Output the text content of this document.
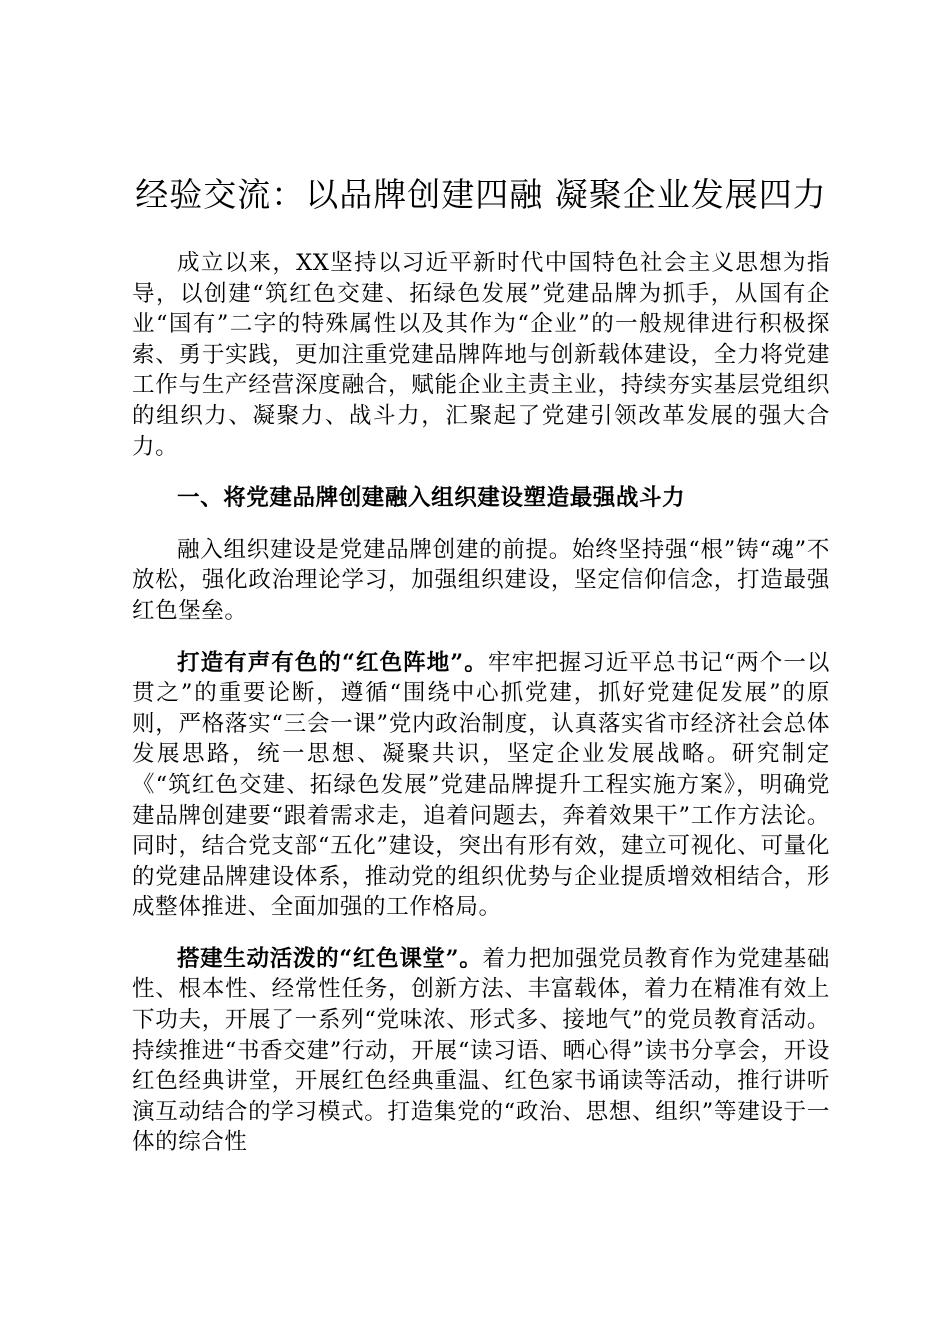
经验交流：以品牌创建四融 凝聚企业发展四力

成立以来，XX坚持以习近平新时代中国特色社会主义思想为指导，以创建“筑红色交建、拓绿色发展”党建品牌为抓手，从国有企业“国有”二字的特殊属性以及其作为“企业”的一般规律进行积极探索、勇于实践，更加注重党建品牌阵地与创新载体建设，全力将党建工作与生产经营深度融合，赋能企业主责主业，持续夯实基层党组织的组织力、凝聚力、战斗力，汇聚起了党建引领改革发展的强大合力。

一、将党建品牌创建融入组织建设塑造最强战斗力

融入组织建设是党建品牌创建的前提。始终坚持强“根”铸“魂”不放松，强化政治理论学习，加强组织建设，坚定信仰信念，打造最强红色堡垒。

打造有声有色的“红色阵地”。牢牢把握习近平总书记“两个一以贯之”的重要论断，遵循“围绕中心抓党建，抓好党建促发展”的原则，严格落实“三会一课”党内政治制度，认真落实省市经济社会总体发展思路，统一思想、凝聚共识，坚定企业发展战略。研究制定《“筑红色交建、拓绿色发展”党建品牌提升工程实施方案》，明确党建品牌创建要“跟着需求走，追着问题去，奔着效果干”工作方法论。同时，结合党支部“五化”建设，突出有形有效，建立可视化、可量化的党建品牌建设体系，推动党的组织优势与企业提质增效相结合，形成整体推进、全面加强的工作格局。

搭建生动活泼的“红色课堂”。着力把加强党员教育作为党建基础性、根本性、经常性任务，创新方法、丰富载体，着力在精准有效上下功夫，开展了一系列“党味浓、形式多、接地气”的党员教育活动。持续推进“书香交建”行动，开展“读习语、晒心得”读书分享会，开设红色经典讲堂，开展红色经典重温、红色家书诵读等活动，推行讲听演互动结合的学习模式。打造集党的“政治、思想、组织”等建设于一体的综合性
